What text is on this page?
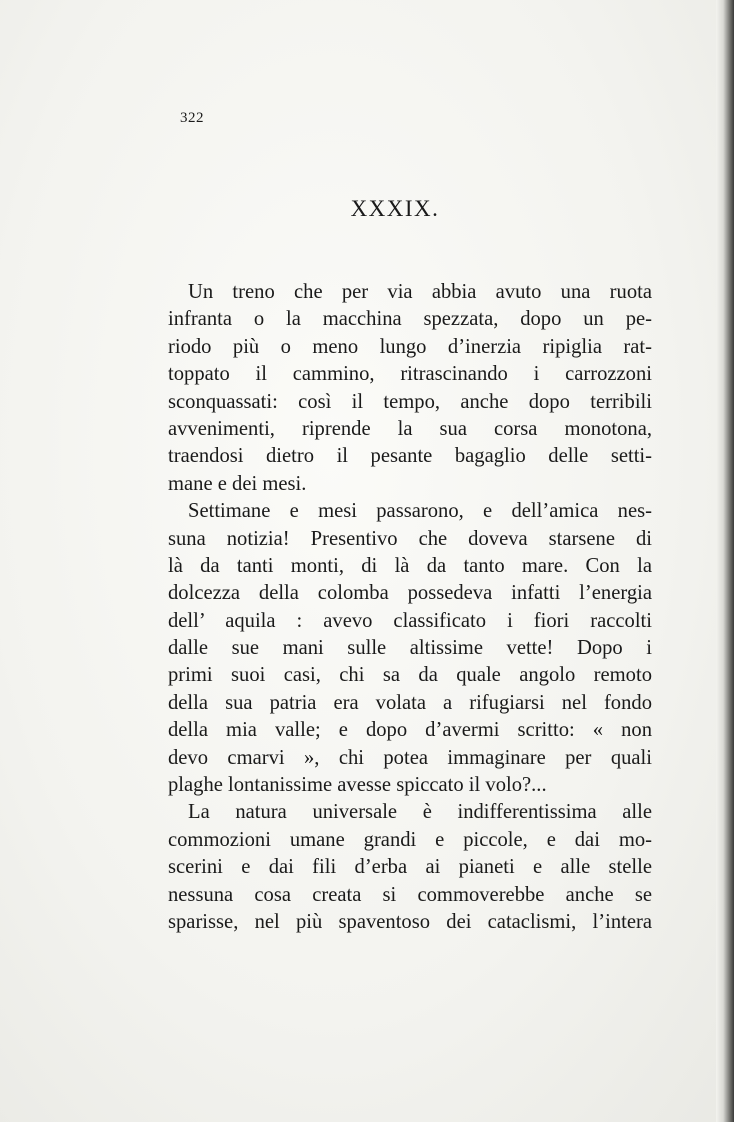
322
XXXIX.
Un treno che per via abbia avuto una ruota
infranta o la macchina spezzata, dopo un pe-
riodo più o meno lungo d’inerzia ripiglia rat-
toppato il cammino, ritrascinando i carrozzoni
sconquassati: così il tempo, anche dopo terribili
avvenimenti, riprende la sua corsa monotona,
traendosi dietro il pesante bagaglio delle setti-
mane e dei mesi.
Settimane e mesi passarono, e dell’amica nes-
suna notizia! Presentivo che doveva starsene di
là da tanti monti, di là da tanto mare. Con la
dolcezza della colomba possedeva infatti l’energia
dell’ aquila : avevo classificato i fiori raccolti
dalle sue mani sulle altissime vette! Dopo i
primi suoi casi, chi sa da quale angolo remoto
della sua patria era volata a rifugiarsi nel fondo
della mia valle; e dopo d’avermi scritto: « non
devo cmarvi », chi potea immaginare per quali
plaghe lontanissime avesse spiccato il volo?...
La natura universale è indifferentissima alle
commozioni umane grandi e piccole, e dai mo-
scerini e dai fili d’erba ai pianeti e alle stelle
nessuna cosa creata si commoverebbe anche se
sparisse, nel più spaventoso dei cataclismi, l’intera
